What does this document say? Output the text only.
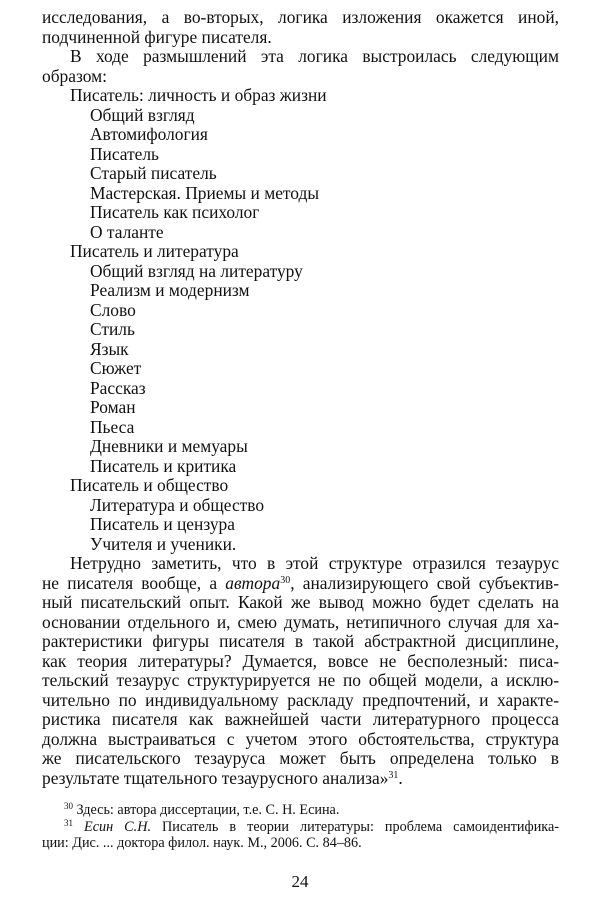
исследования, а во-вторых, логика изложения окажется иной,
подчиненной фигуре писателя.
В ходе размышлений эта логика выстроилась следующим
образом:
Писатель: личность и образ жизни
Общий взгляд
Автомифология
Писатель
Старый писатель
Мастерская. Приемы и методы
Писатель как психолог
О таланте
Писатель и литература
Общий взгляд на литературу
Реализм и модернизм
Слово
Стиль
Язык
Сюжет
Рассказ
Роман
Пьеса
Дневники и мемуары
Писатель и критика
Писатель и общество
Литература и общество
Писатель и цензура
Учителя и ученики.
Нетрудно заметить, что в этой структуре отразился тезаурус
не писателя вообще, а автора$^{30}$, анализирующего свой субъектив-
ный писательский опыт. Какой же вывод можно будет сделать на
основании отдельного и, смею думать, нетипичного случая для ха-
рактеристики фигуры писателя в такой абстрактной дисциплине,
как теория литературы? Думается, вовсе не бесполезный: писа-
тельский тезаурус структурируется не по общей модели, а исклю-
чительно по индивидуальному раскладу предпочтений, и характе-
ристика писателя как важнейшей части литературного процесса
должна выстраиваться с учетом этого обстоятельства, структура
же писательского тезауруса может быть определена только в
результате тщательного тезаурусного анализа»$^{31}$.
$^{30}$ Здесь: автора диссертации, т.е. С. Н. Есина.
$^{31}$ Есин С.Н. Писатель в теории литературы: проблема самоидентифика-
ции: Дис. ... доктора филол. наук. М., 2006. С. 84–86.
24
